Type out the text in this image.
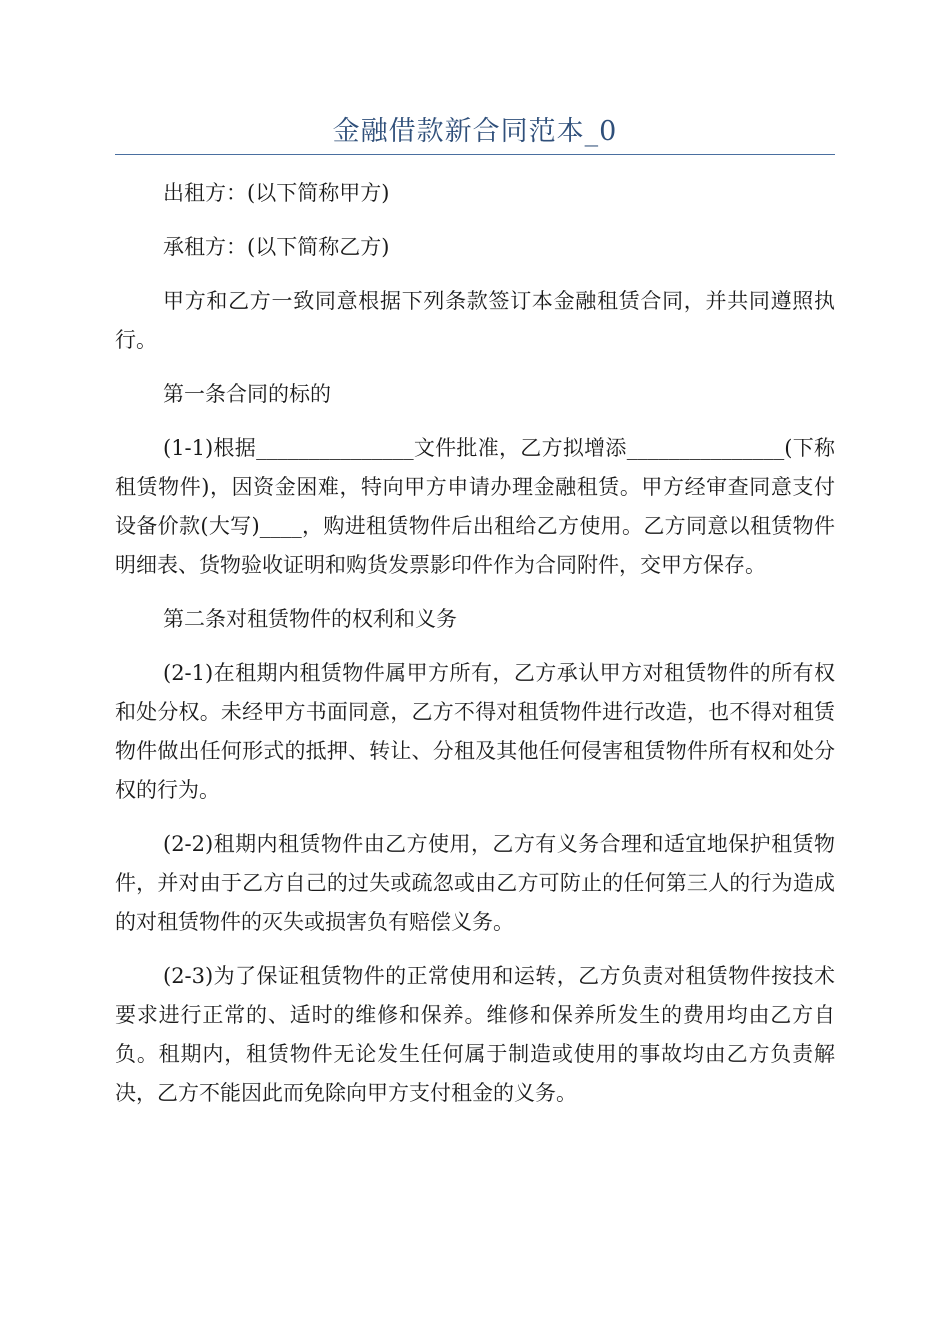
金融借款新合同范本_0

出租方：(以下简称甲方)

承租方：(以下简称乙方)

甲方和乙方一致同意根据下列条款签订本金融租赁合同，并共同遵照执行。

第一条合同的标的

(1-1)根据_______________文件批准，乙方拟增添_______________(下称租赁物件)，因资金困难，特向甲方申请办理金融租赁。甲方经审查同意支付设备价款(大写)____，购进租赁物件后出租给乙方使用。乙方同意以租赁物件明细表、货物验收证明和购货发票影印件作为合同附件，交甲方保存。

第二条对租赁物件的权利和义务

(2-1)在租期内租赁物件属甲方所有，乙方承认甲方对租赁物件的所有权和处分权。未经甲方书面同意，乙方不得对租赁物件进行改造，也不得对租赁物件做出任何形式的抵押、转让、分租及其他任何侵害租赁物件所有权和处分权的行为。

(2-2)租期内租赁物件由乙方使用，乙方有义务合理和适宜地保护租赁物件，并对由于乙方自己的过失或疏忽或由乙方可防止的任何第三人的行为造成的对租赁物件的灭失或损害负有赔偿义务。

(2-3)为了保证租赁物件的正常使用和运转，乙方负责对租赁物件按技术要求进行正常的、适时的维修和保养。维修和保养所发生的费用均由乙方自负。租期内，租赁物件无论发生任何属于制造或使用的事故均由乙方负责解决，乙方不能因此而免除向甲方支付租金的义务。
